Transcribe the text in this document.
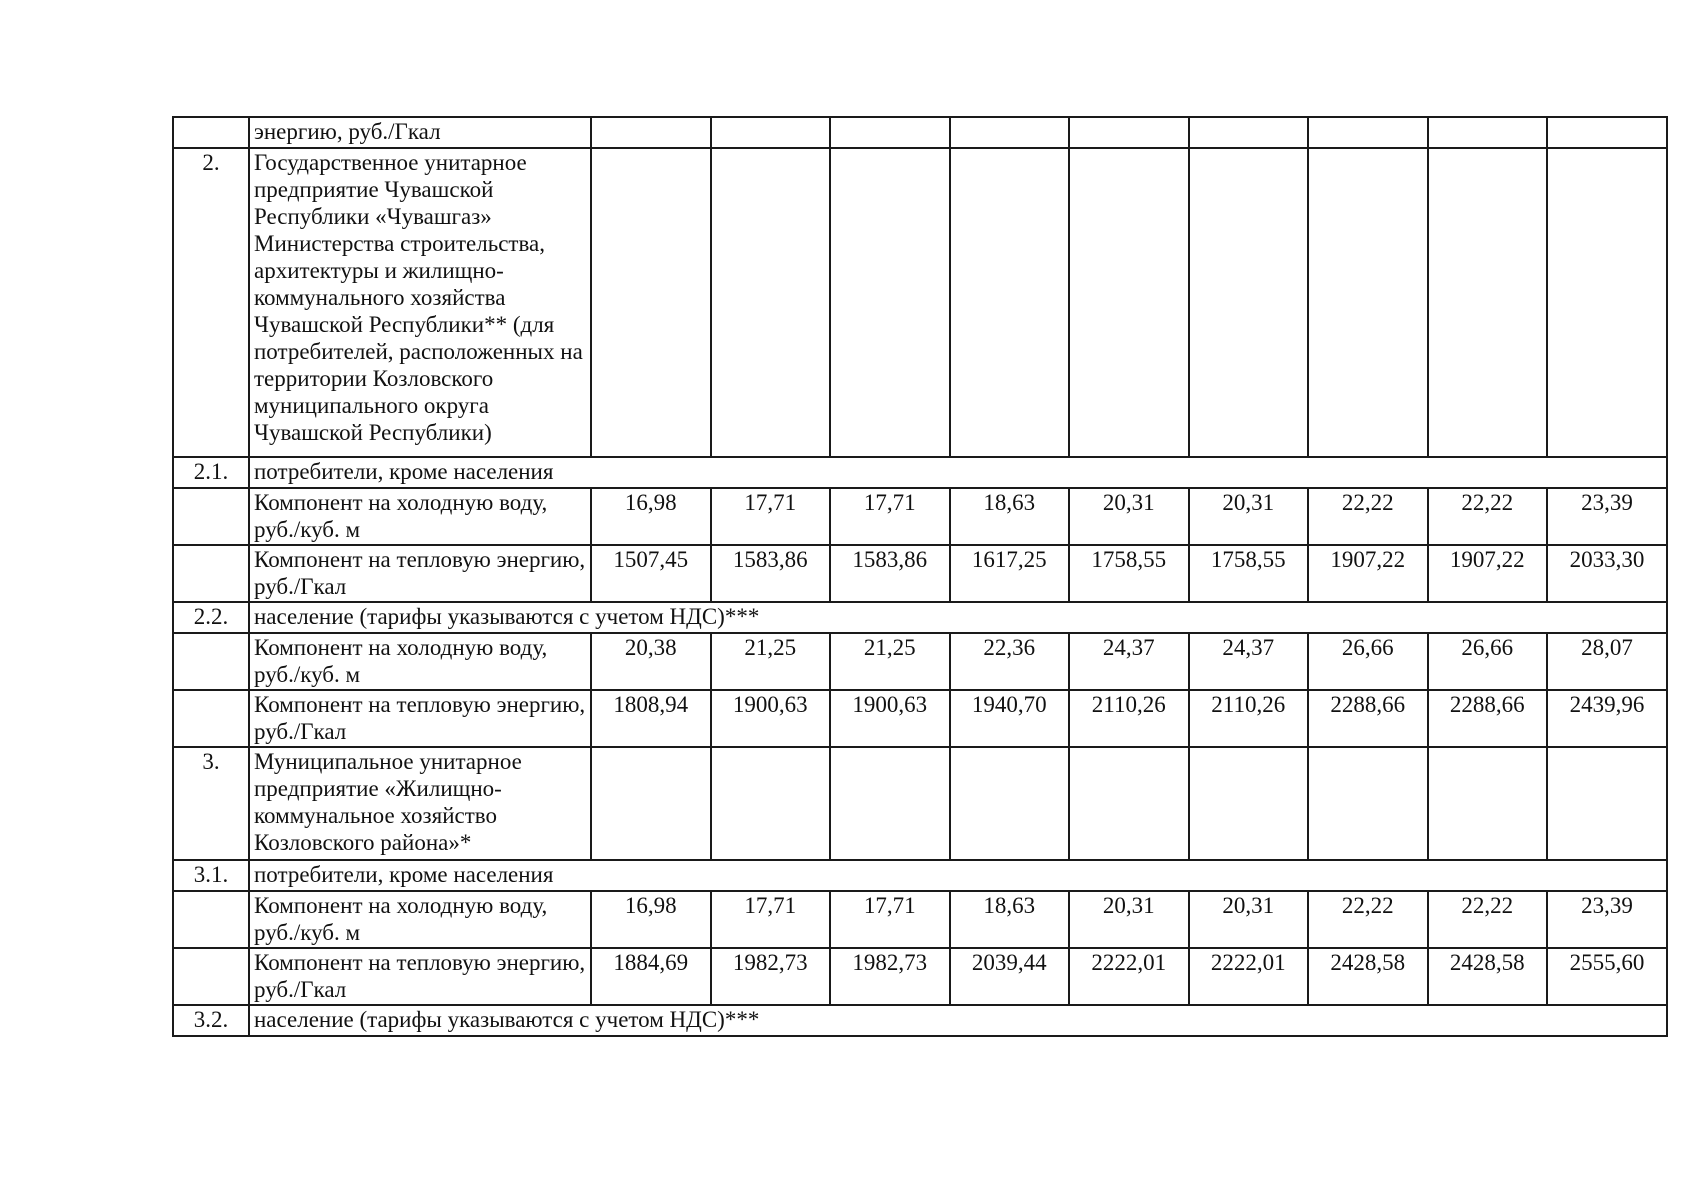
	энергию, руб./Гкал									
2.	Государственное унитарное предприятие Чувашской Республики «Чувашгаз» Министерства строительства, архитектуры и жилищно-коммунального хозяйства Чувашской Республики** (для потребителей, расположенных на территории Козловского муниципального округа Чувашской Республики)									
2.1.	потребители, кроме населения									
	Компонент на холодную воду, руб./куб. м	16,98	17,71	17,71	18,63	20,31	20,31	22,22	22,22	23,39
	Компонент на тепловую энергию, руб./Гкал	1507,45	1583,86	1583,86	1617,25	1758,55	1758,55	1907,22	1907,22	2033,30
2.2.	население (тарифы указываются с учетом НДС)***									
	Компонент на холодную воду, руб./куб. м	20,38	21,25	21,25	22,36	24,37	24,37	26,66	26,66	28,07
	Компонент на тепловую энергию, руб./Гкал	1808,94	1900,63	1900,63	1940,70	2110,26	2110,26	2288,66	2288,66	2439,96
3.	Муниципальное унитарное предприятие «Жилищно-коммунальное хозяйство Козловского района»*									
3.1.	потребители, кроме населения									
	Компонент на холодную воду, руб./куб. м	16,98	17,71	17,71	18,63	20,31	20,31	22,22	22,22	23,39
	Компонент на тепловую энергию, руб./Гкал	1884,69	1982,73	1982,73	2039,44	2222,01	2222,01	2428,58	2428,58	2555,60
3.2.	население (тарифы указываются с учетом НДС)***									
